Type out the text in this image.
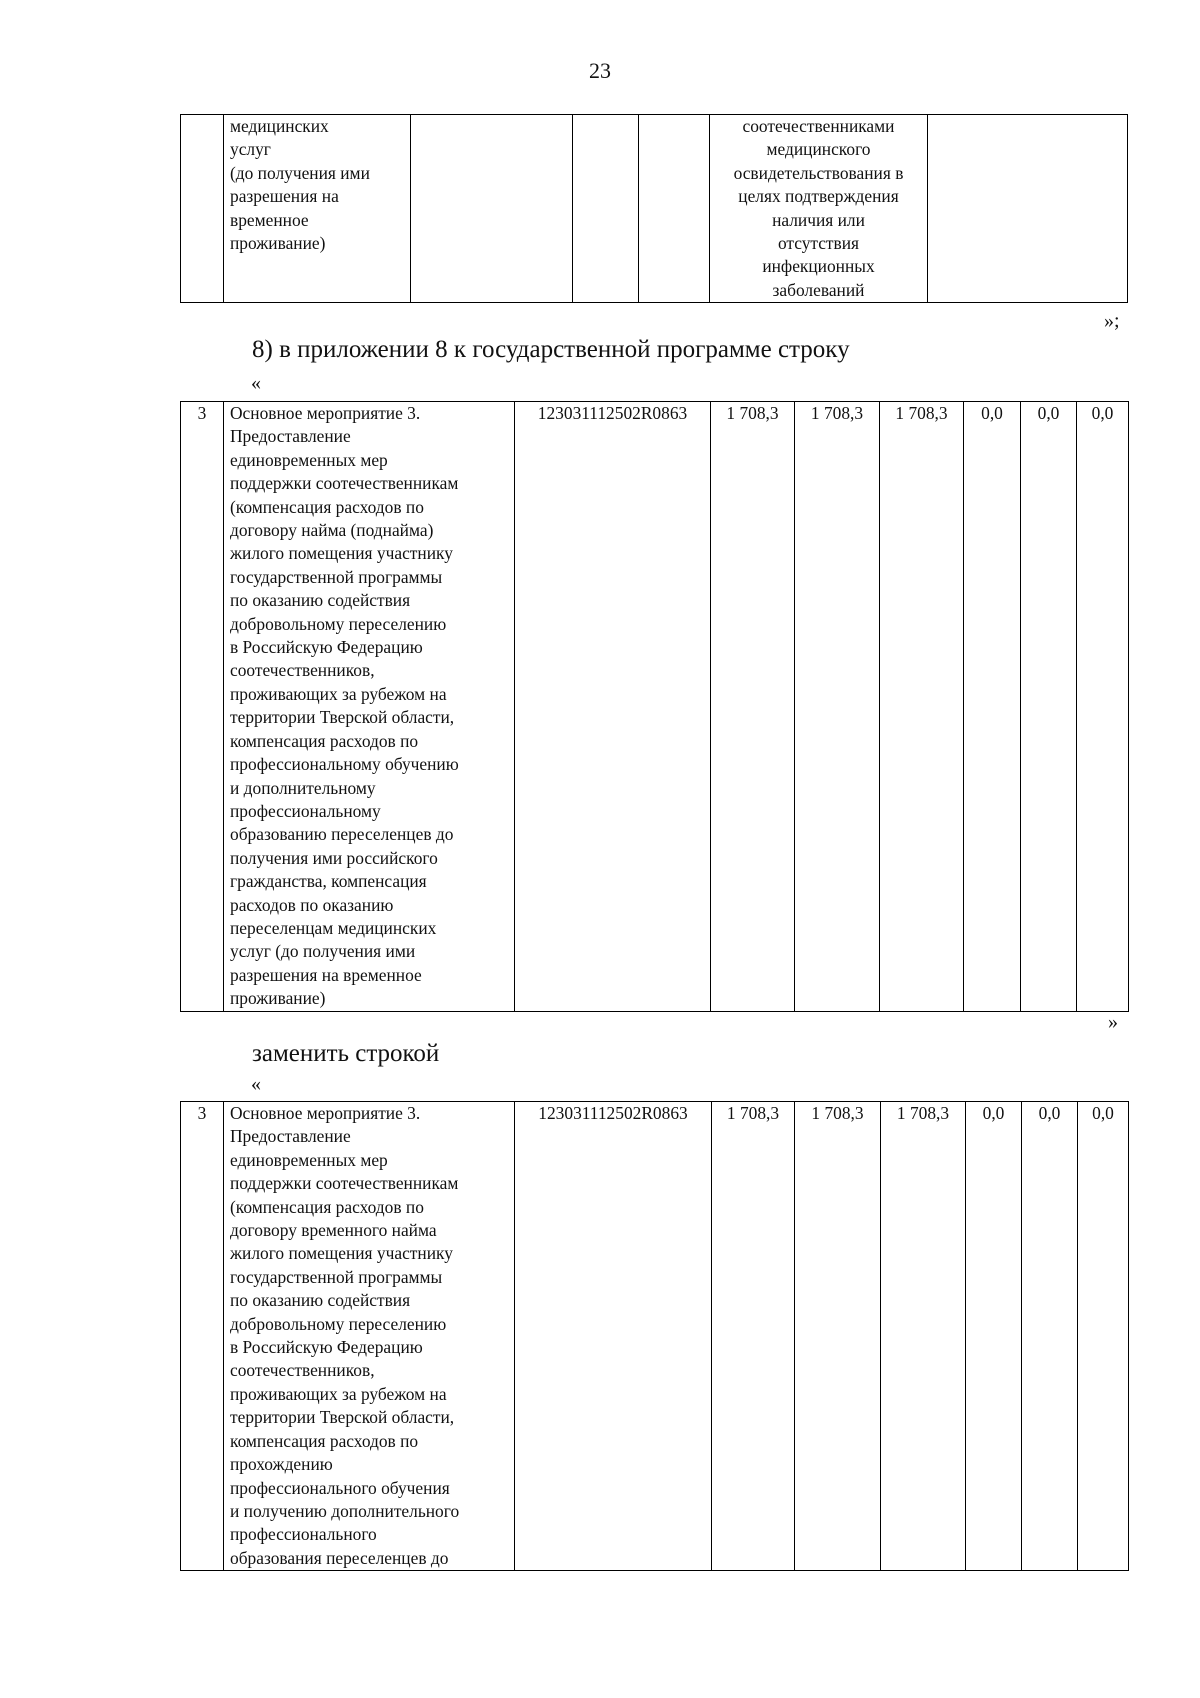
23
	медицинских
услуг
(до получения ими
разрешения на
временное
проживание)				соотечественниками
медицинского
освидетельствования в
целях подтверждения
наличия или
отсутствия
инфекционных
заболеваний	
»;
8) в приложении 8 к государственной программе строку
«
3	Основное мероприятие 3.
Предоставление
единовременных мер
поддержки соотечественникам
(компенсация расходов по
договору найма (поднайма)
жилого помещения участнику
государственной программы
по оказанию содействия
добровольному переселению
в Российскую Федерацию
соотечественников,
проживающих за рубежом на
территории Тверской области,
компенсация расходов по
профессиональному обучению
и дополнительному
профессиональному
образованию переселенцев до
получения ими российского
гражданства, компенсация
расходов по оказанию
переселенцам медицинских
услуг (до получения ими
разрешения на временное
проживание)	123031112502R0863	1 708,3	1 708,3	1 708,3	0,0	0,0	0,0
»
заменить строкой
«
3	Основное мероприятие 3.
Предоставление
единовременных мер
поддержки соотечественникам
(компенсация расходов по
договору временного найма
жилого помещения участнику
государственной программы
по оказанию содействия
добровольному переселению
в Российскую Федерацию
соотечественников,
проживающих за рубежом на
территории Тверской области,
компенсация расходов по
прохождению
профессионального обучения
и получению дополнительного
профессионального
образования переселенцев до	123031112502R0863	1 708,3	1 708,3	1 708,3	0,0	0,0	0,0
